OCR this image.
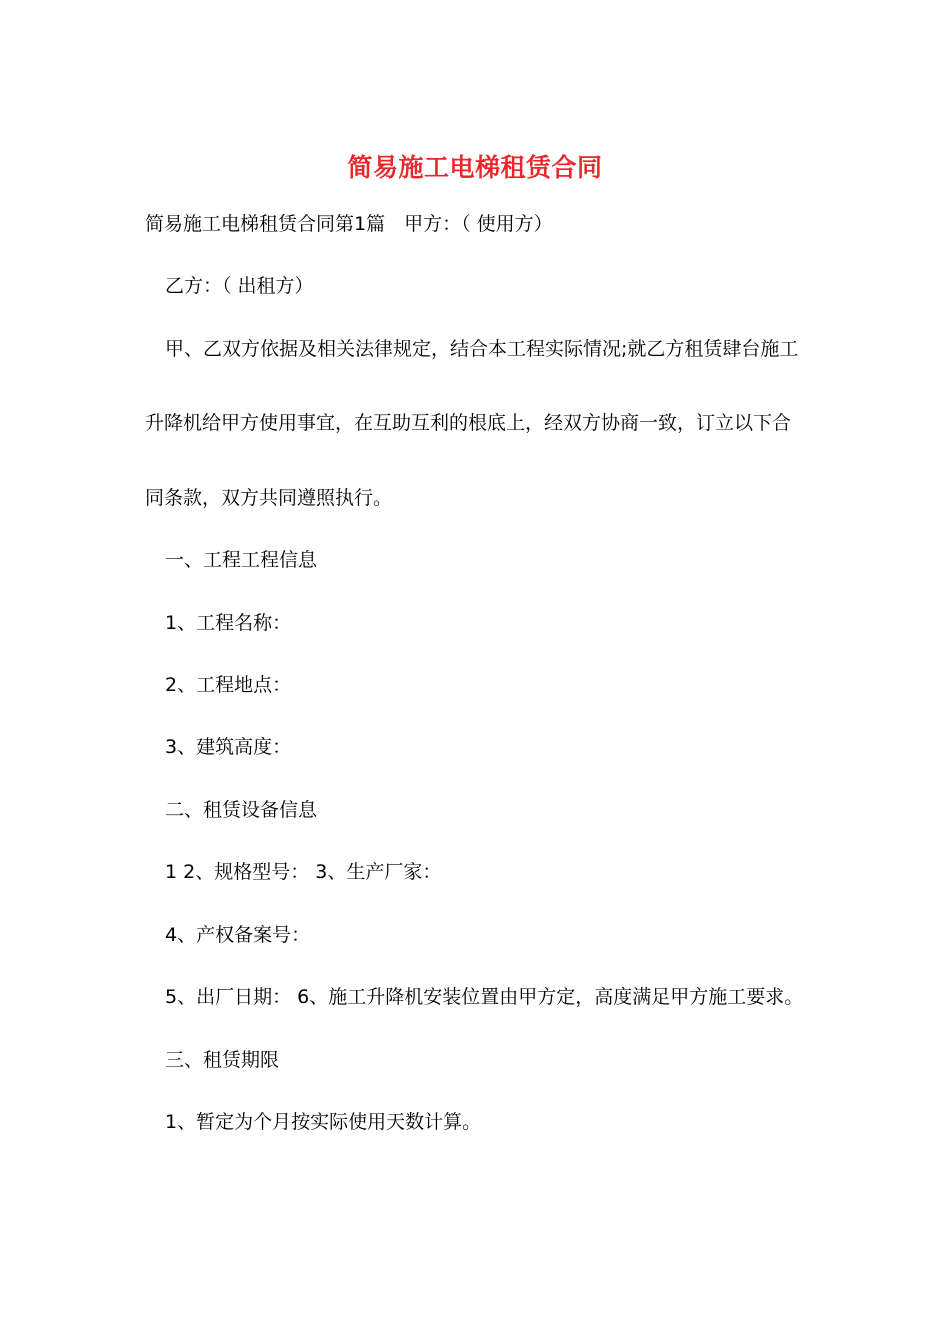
简易施工电梯租赁合同
简易施工电梯租赁合同第1篇　甲方：（ 使用方）
乙方：（ 出租方）
甲、乙双方依据及相关法律规定，结合本工程实际情况;就乙方租赁肆台施工
升降机给甲方使用事宜，在互助互利的根底上，经双方协商一致，订立以下合
同条款，双方共同遵照执行。
一、工程工程信息
1、工程名称：
2、工程地点：
3、建筑高度：
二、租赁设备信息
1 2、规格型号： 3、生产厂家：
4、产权备案号：
5、出厂日期： 6、施工升降机安装位置由甲方定，高度满足甲方施工要求。
三、租赁期限
1、暂定为个月按实际使用天数计算。
